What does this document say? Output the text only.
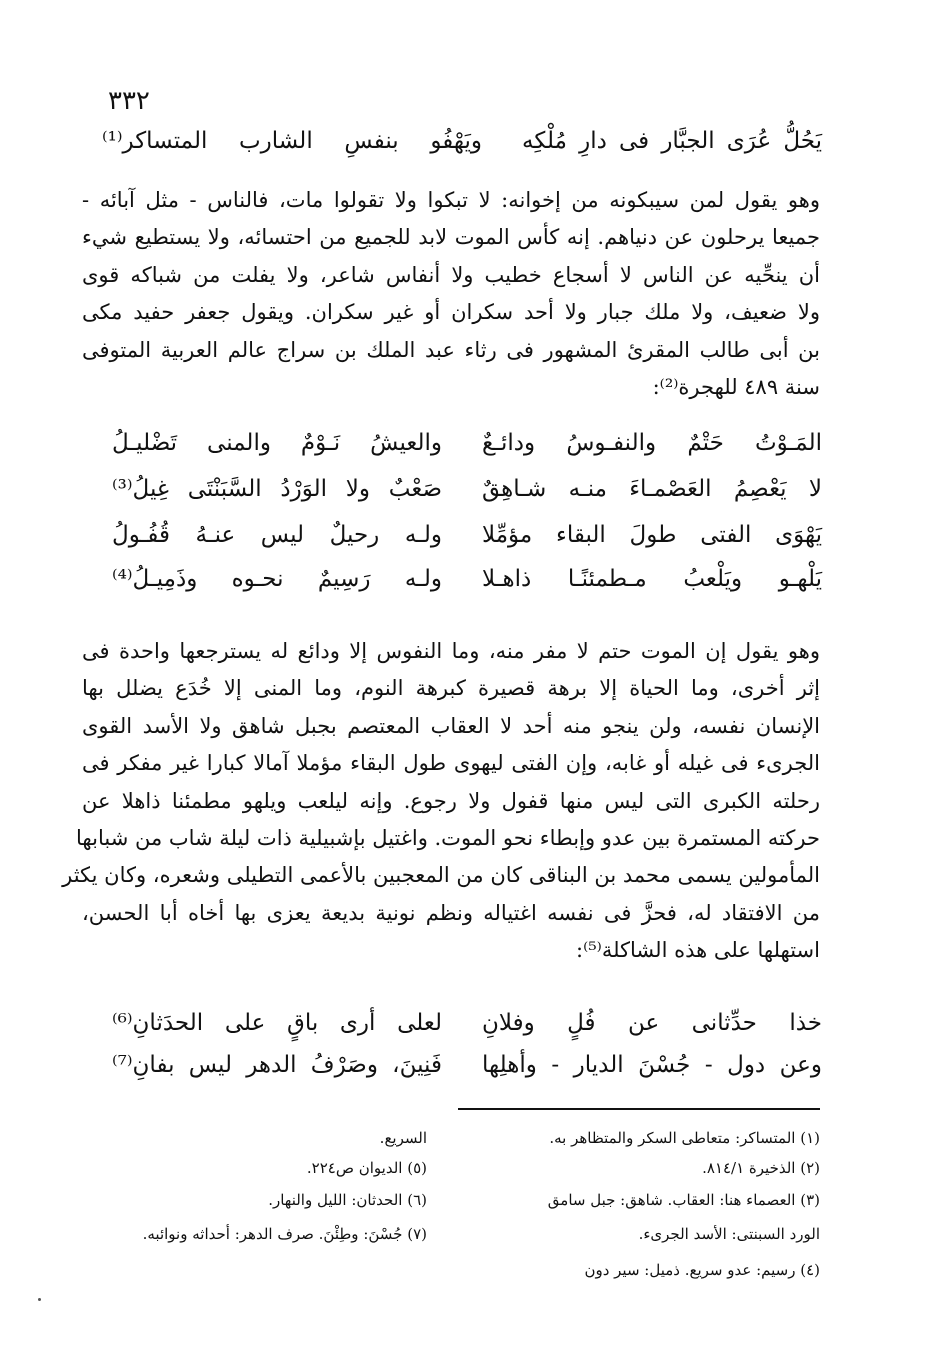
٣٣٢
يَحُلُّ عُرَى الجبَّار فى دارِ مُلْكِه
ويَهْفُو بنفسِ الشارب المتساكر⁽¹⁾
وهو يقول لمن سيبكونه من إخوانه: لا تبكوا ولا تقولوا مات، فالناس - مثل آبائه -
جميعا يرحلون عن دنياهم. إنه كأس الموت لابد للجميع من احتسائه، ولا يستطيع شيء
أن ينحِّيه عن الناس لا أسجاع خطيب ولا أنفاس شاعر، ولا يفلت من شباكه قوى
ولا ضعيف، ولا ملك جبار ولا أحد سكران أو غير سكران. ويقول جعفر حفيد مكى
بن أبى طالب المقرئ المشهور فى رثاء عبد الملك بن سراج عالم العربية المتوفى
سنة ٤٨٩ للهجرة⁽²⁾:
المَـوْتُ حَتْمٌ والنفـوسُ ودائـعٌ
والعيشُ نَـوْمٌ والمنى تَضْليـلُ
لا يَعْصِمُ العَصْمـاءَ منـه شـاهِقٌ
صَعْبٌ ولا الوَرْدُ السَّبَنْتَى غِيلُ⁽³⁾
يَهْوَى الفتى طولَ البقاء مؤمِّلا
ولـه رحيلٌ ليس عنـهُ قُفُـولُ
يَلْهـو ويَلْعبُ مـطمئنًـا ذاهـلا
ولـه رَسِيمٌ نحـوه وذَمِيـلُ⁽⁴⁾
وهو يقول إن الموت حتم لا مفر منه، وما النفوس إلا ودائع له يسترجعها واحدة فى
إثر أخرى، وما الحياة إلا برهة قصيرة كبرهة النوم، وما المنى إلا خُدَع يضلل بها
الإنسان نفسه، ولن ينجو منه أحد لا العقاب المعتصم بجبل شاهق ولا الأسد القوى
الجرىء فى غيله أو غابه، وإن الفتى ليهوى طول البقاء مؤملا آمالا كبارا غير مفكر فى
رحلته الكبرى التى ليس منها قفول ولا رجوع. وإنه ليلعب ويلهو مطمئنا ذاهلا عن
حركته المستمرة بين عدو وإبطاء نحو الموت. واغتيل بإشبيلية ذات ليلة شاب من شبابها
المأمولين يسمى محمد بن البناقى كان من المعجبين بالأعمى التطيلى وشعره، وكان يكثر
من الافتقاد له، فحزَّ فى نفسه اغتياله ونظم نونية بديعة يعزى بها أخاه أبا الحسن،
استهلها على هذه الشاكلة⁽⁵⁾:
خذا حدِّثانى عن فُلٍ وفلانِ
لعلى أرى باقٍ على الحدَثانِ⁽⁶⁾
وعن دول - جُسْنَ الديار - وأهلِها
فَنِينَ، وصَرْفُ الدهر ليس بفانِ⁽⁷⁾
(١) المتساكر: متعاطى السكر والمتظاهر به.
(٢) الذخيرة ٨١٤/١.
(٣) العصماء هنا: العقاب. شاهق: جبل سامق
الورد السبنتى: الأسد الجرىء.
(٤) رسيم: عدو سريع. ذميل: سير دون
السريع.
(٥) الديوان ص٢٢٤.
(٦) الحدثان: الليل والنهار.
(٧) جُسْنَ: وطِئْنَ. صرف الدهر: أحداثه ونوائبه.
